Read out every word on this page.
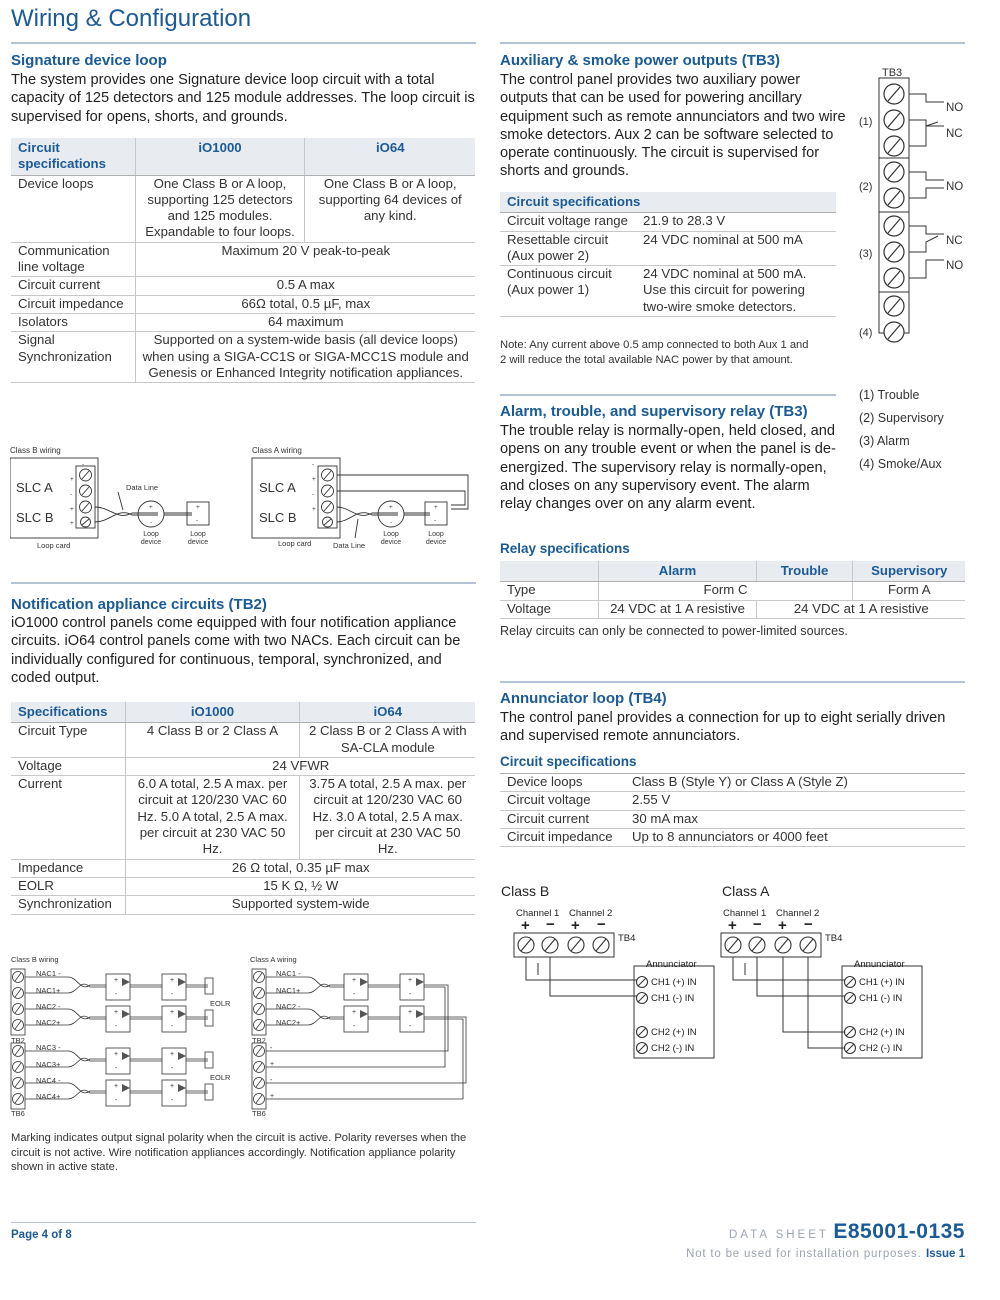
Wiring & Configuration
Signature device loop
The system provides one Signature device loop circuit with a total capacity of 125 detectors and 125 module addresses. The loop circuit is supervised for opens, shorts, and grounds.
Circuit specifications	iO1000	iO64
Device loops	One Class B or A loop, supporting 125 detectors and 125 modules. Expandable to four loops.	One Class B or A loop, supporting 64 devices of any kind.
Communication line voltage	Maximum 20 V peak-to-peak	
Circuit current	0.5 A max	
Circuit impedance	66Ω total, 0.5 µF, max	
Isolators	64 maximum	
Signal Synchronization	Supported on a system-wide basis (all device loops) when using a SIGA-CC1S or SIGA-MCC1S module and Genesis or Enhanced Integrity notification appliances.	
-
+
-
+
+
-
+
-
+
+
-
+
-
+
-
+
-
Class B wiring	Class A wiring
SLC A
SLC B
SLC A
SLC B
Data Line
Data Line
Loop card	Loop card
Loop
device
Loop
device
Loop
device
Loop
device
Notification appliance circuits (TB2)
iO1000 control panels come equipped with four notification appliance circuits. iO64 control panels come with two NACs. Each circuit can be individually configured for continuous, temporal, synchronized, and coded output.
Specifications	iO1000	iO64
Circuit Type	4 Class B or 2 Class A	2 Class B or 2 Class A with SA-CLA module
Voltage	24 VFWR	
Current	6.0 A total, 2.5 A max. per circuit at 120/230 VAC 60 Hz. 5.0 A total, 2.5 A max. per circuit at 230 VAC 50 Hz.	3.75 A total, 2.5 A max. per circuit at 120/230 VAC 60 Hz. 3.0 A total, 2.5 A max. per circuit at 230 VAC 50 Hz.
Impedance	26 Ω total, 0.35 µF max	
EOLR	15 K Ω, ½ W	
Synchronization	Supported system-wide	
+
-
+
-
+
-
+
-
+
-
+
-
+
-
+
-
+
-
+
-
+
-
+
-
-
+
-
+
Class B wiring	Class A wiring
NAC1 -
NAC1+
NAC2 -
NAC2+
NAC3 -
NAC3+
NAC4 -
NAC4+
NAC1 -
NAC1+
NAC2 -
NAC2+
TB2
TB6
TB2
TB6
EOLR
EOLR
Marking indicates output signal polarity when the circuit is active. Polarity reverses when the circuit is not active. Wire notification appliances accordingly. Notification appliance polarity shown in active state.
Auxiliary & smoke power outputs (TB3)
The control panel provides two auxiliary power outputs that can be used for powering ancillary equipment such as remote annunciators and two wire smoke detectors. Aux 2 can be software selected to operate continuously. The circuit is supervised for shorts and grounds.
Circuit specifications	
Circuit voltage range	21.9 to 28.3 V
Resettable circuit (Aux power 2)	24 VDC nominal at 500 mA
Continuous circuit (Aux power 1)	24 VDC nominal at 500 mA. Use this circuit for powering two-wire smoke detectors.
Note: Any current above 0.5 amp connected to both Aux 1 and 2 will reduce the total available NAC power by that amount.
TB3
(1)
(2)
(3)
(4)
NO
NC
NO
NC
NO
(1) Trouble
(2) Supervisory
(3) Alarm
(4) Smoke/Aux
Alarm, trouble, and supervisory relay (TB3)
The trouble relay is normally-open, held closed, and opens on any trouble event or when the panel is de-energized. The supervisory relay is normally-open, and closes on any supervisory event. The alarm relay changes over on any alarm event.
Relay specifications
	Alarm	Trouble	Supervisory
Type	Form C		Form A
Voltage	24 VDC at 1 A resistive	24 VDC at 1 A resistive	
Relay circuits can only be connected to power-limited sources.
Annunciator loop (TB4)
The control panel provides a connection for up to eight serially driven and supervised remote annunciators.
Circuit specifications
Device loops	Class B (Style Y) or Class A (Style Z)
Circuit voltage	2.55 V
Circuit current	30 mA max
Circuit impedance	Up to 8 annunciators or 4000 feet
+ − + −	+ − + −
Class B	Class A
Channel 1 Channel 2	Channel 1 Channel 2
TB4	TB4
Annunciator	Annunciator
CH1 (+) IN
CH1 (-) IN
CH2 (+) IN
CH2 (-) IN
CH1 (+) IN
CH1 (-) IN
CH2 (+) IN
CH2 (-) IN
Page 4 of 8	DATA SHEET E85001-0135
Not to be used for installation purposes. Issue 1
